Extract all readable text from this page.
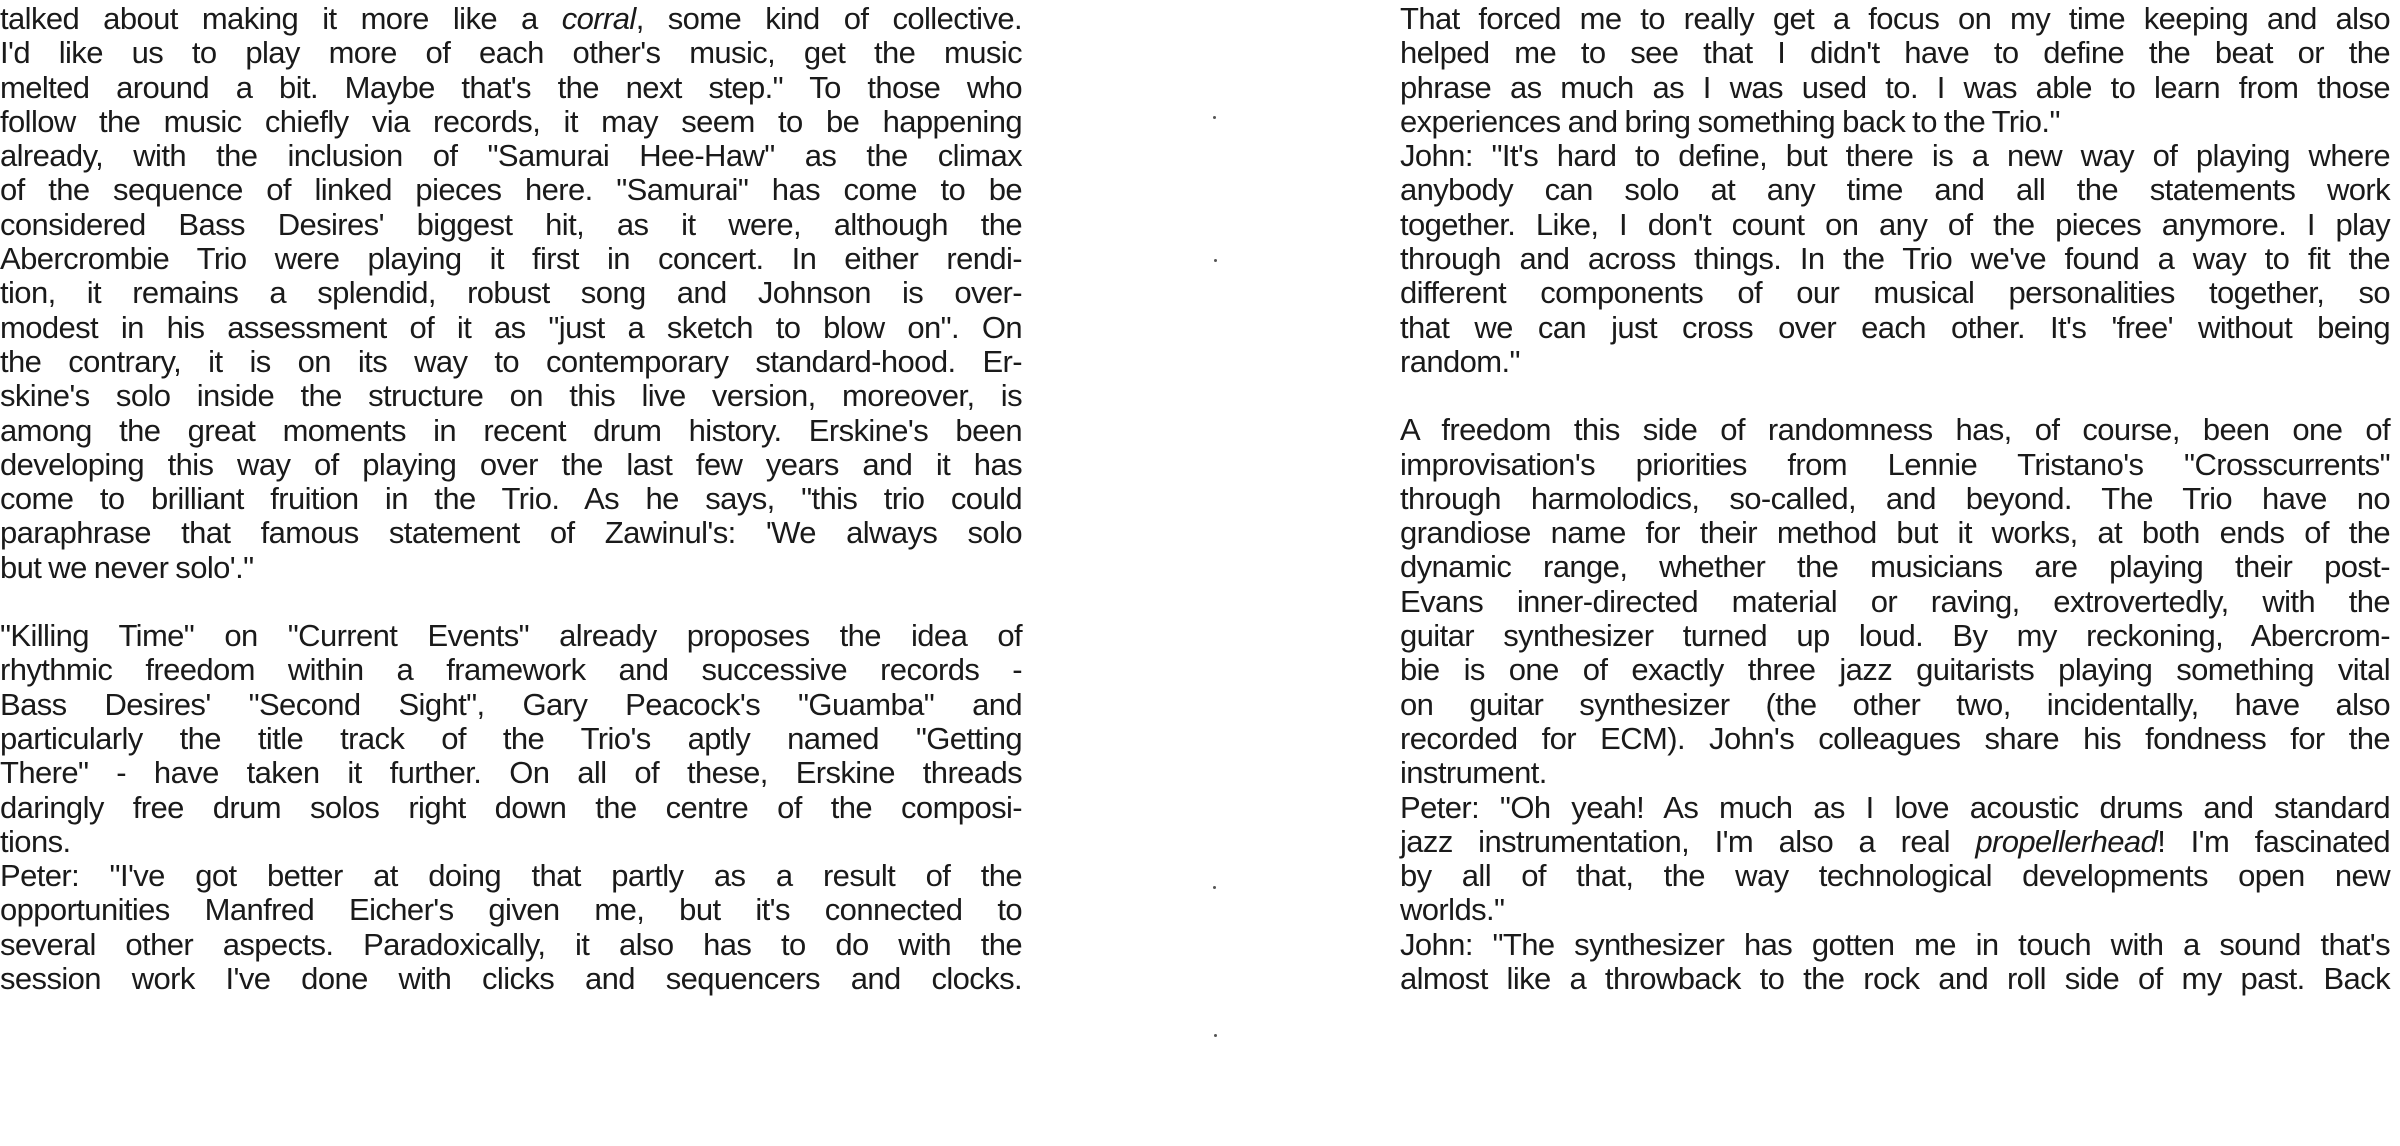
talked about making it more like a corral, some kind of collective.
I'd like us to play more of each other's music, get the music
melted around a bit. Maybe that's the next step." To those who
follow the music chiefly via records, it may seem to be happening
already, with the inclusion of "Samurai Hee-Haw" as the climax
of the sequence of linked pieces here. "Samurai" has come to be
considered Bass Desires' biggest hit, as it were, although the
Abercrombie Trio were playing it first in concert. In either rendi-
tion, it remains a splendid, robust song and Johnson is over-
modest in his assessment of it as "just a sketch to blow on". On
the contrary, it is on its way to contemporary standard-hood. Er-
skine's solo inside the structure on this live version, moreover, is
among the great moments in recent drum history. Erskine's been
developing this way of playing over the last few years and it has
come to brilliant fruition in the Trio. As he says, "this trio could
paraphrase that famous statement of Zawinul's: 'We always solo
but we never solo'."
"Killing Time" on "Current Events" already proposes the idea of
rhythmic freedom within a framework and successive records -
Bass Desires' "Second Sight", Gary Peacock's "Guamba" and
particularly the title track of the Trio's aptly named "Getting
There" - have taken it further. On all of these, Erskine threads
daringly free drum solos right down the centre of the composi-
tions.
Peter: "I've got better at doing that partly as a result of the
opportunities Manfred Eicher's given me, but it's connected to
several other aspects. Paradoxically, it also has to do with the
session work I've done with clicks and sequencers and clocks.
That forced me to really get a focus on my time keeping and also
helped me to see that I didn't have to define the beat or the
phrase as much as I was used to. I was able to learn from those
experiences and bring something back to the Trio."
John: "It's hard to define, but there is a new way of playing where
anybody can solo at any time and all the statements work
together. Like, I don't count on any of the pieces anymore. I play
through and across things. In the Trio we've found a way to fit the
different components of our musical personalities together, so
that we can just cross over each other. It's 'free' without being
random."
A freedom this side of randomness has, of course, been one of
improvisation's priorities from Lennie Tristano's "Crosscurrents"
through harmolodics, so-called, and beyond. The Trio have no
grandiose name for their method but it works, at both ends of the
dynamic range, whether the musicians are playing their post-
Evans inner-directed material or raving, extrovertedly, with the
guitar synthesizer turned up loud. By my reckoning, Abercrom-
bie is one of exactly three jazz guitarists playing something vital
on guitar synthesizer (the other two, incidentally, have also
recorded for ECM). John's colleagues share his fondness for the
instrument.
Peter: "Oh yeah! As much as I love acoustic drums and standard
jazz instrumentation, I'm also a real propellerhead! I'm fascinated
by all of that, the way technological developments open new
worlds."
John: "The synthesizer has gotten me in touch with a sound that's
almost like a throwback to the rock and roll side of my past. Back
